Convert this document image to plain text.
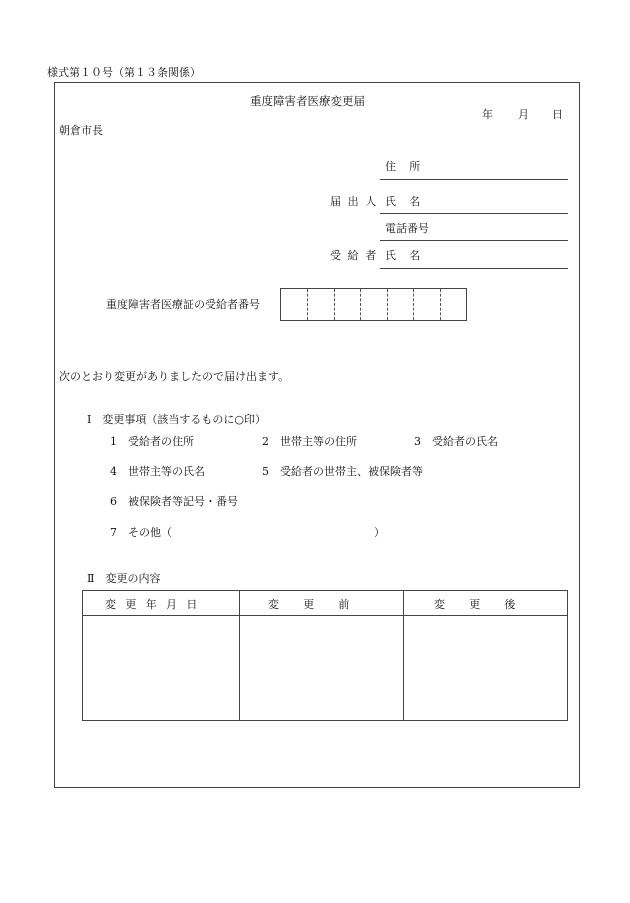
様式第１０号（第１３条関係）
重度障害者医療変更届
年 月 日
朝倉市長
住所
届出人 氏名
電話番号
受給者 氏名
重度障害者医療証の受給者番号
次のとおり変更がありましたので届け出ます。
Ⅰ　変更事項（該当するものに○印）
1　 受給者の住所	2　 世帯主等の住所	3　 受給者の氏名
4　 世帯主等の氏名	5　 受給者の世帯主、被保険者等
6　 被保険者等記号・番号
7　 その他（	）
Ⅱ　変更の内容
変更年月日	変更前	変更後
